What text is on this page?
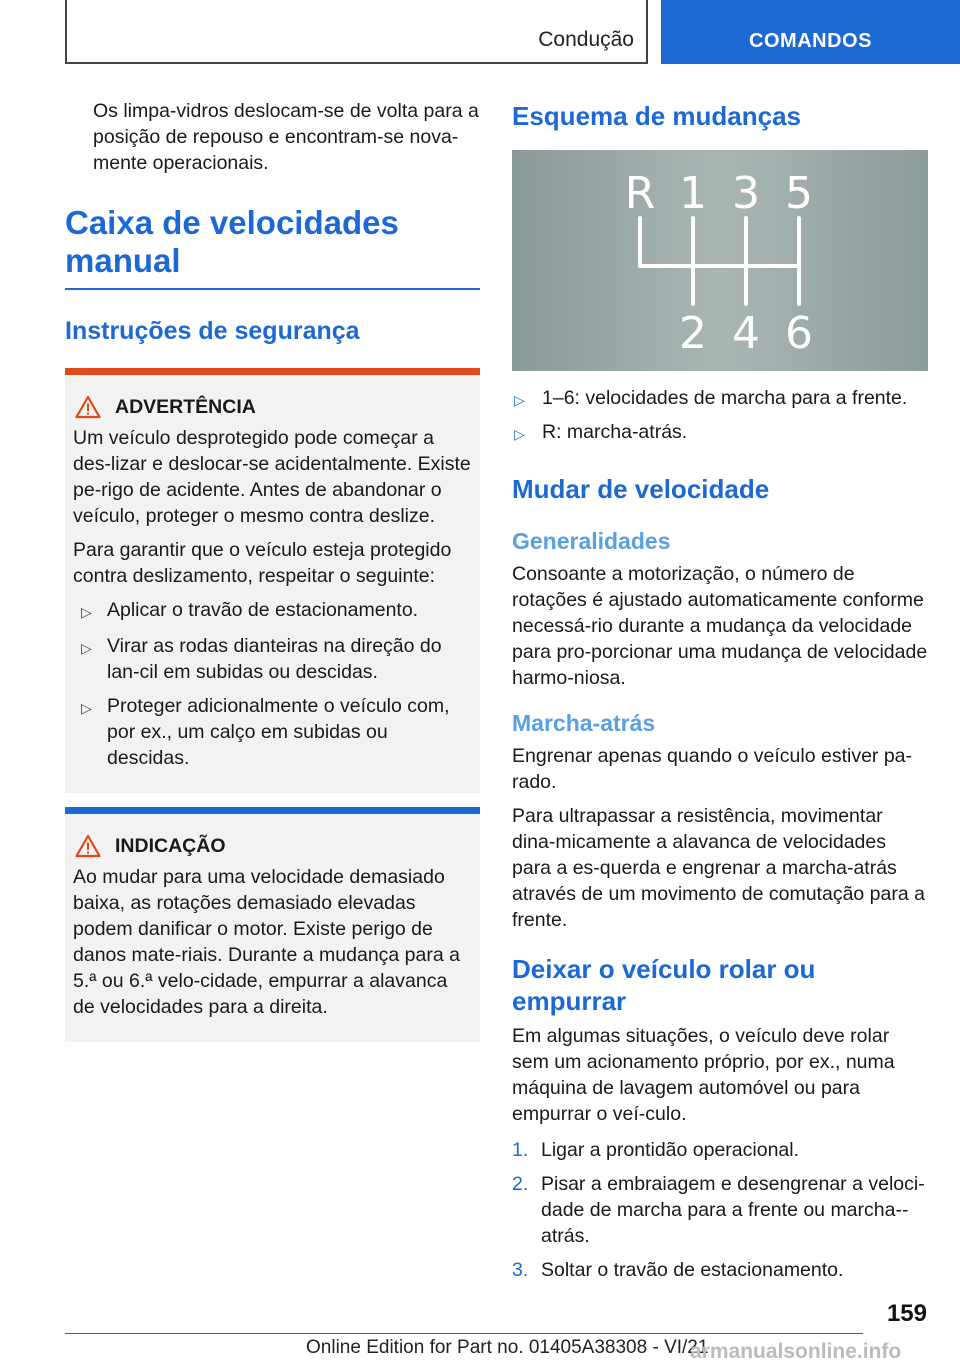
Condução	COMANDOS

Os limpa-vidros deslocam-se de volta para a posição de repouso e encontram-se nova-mente operacionais.

Caixa de velocidades manual
Instruções de segurança
ADVERTÊNCIA

Um veículo desprotegido pode começar a des-lizar e deslocar-se acidentalmente. Existe pe-rigo de acidente. Antes de abandonar o veículo, proteger o mesmo contra deslize.

Para garantir que o veículo esteja protegido contra deslizamento, respeitar o seguinte:

▷ Aplicar o travão de estacionamento.
▷ Virar as rodas dianteiras na direção do lan-cil em subidas ou descidas.
▷ Proteger adicionalmente o veículo com, por ex., um calço em subidas ou descidas.
INDICAÇÃO

Ao mudar para uma velocidade demasiado baixa, as rotações demasiado elevadas podem danificar o motor. Existe perigo de danos mate-riais. Durante a mudança para a 5.ª ou 6.ª velo-cidade, empurrar a alavanca de velocidades para a direita.

Esquema de mudanças
R 1 3 5
2 4 6
▷ 1–6: velocidades de marcha para a frente.
▷ R: marcha-atrás.
Mudar de velocidade
Generalidades

Consoante a motorização, o número de rotações é ajustado automaticamente conforme necessá-rio durante a mudança da velocidade para pro-porcionar uma mudança de velocidade harmo-niosa.

Marcha-atrás

Engrenar apenas quando o veículo estiver pa-rado.

Para ultrapassar a resistência, movimentar dina-micamente a alavanca de velocidades para a es-querda e engrenar a marcha-atrás através de um movimento de comutação para a frente.

Deixar o veículo rolar ou empurrar

Em algumas situações, o veículo deve rolar sem um acionamento próprio, por ex., numa máquina de lavagem automóvel ou para empurrar o veí-culo.

1. Ligar a prontidão operacional.
2. Pisar a embraiagem e desengrenar a veloci-dade de marcha para a frente ou marcha--atrás.
3. Soltar o travão de estacionamento.
159
Online Edition for Part no. 01405A38308 - VI/21
armanualsonline.info
